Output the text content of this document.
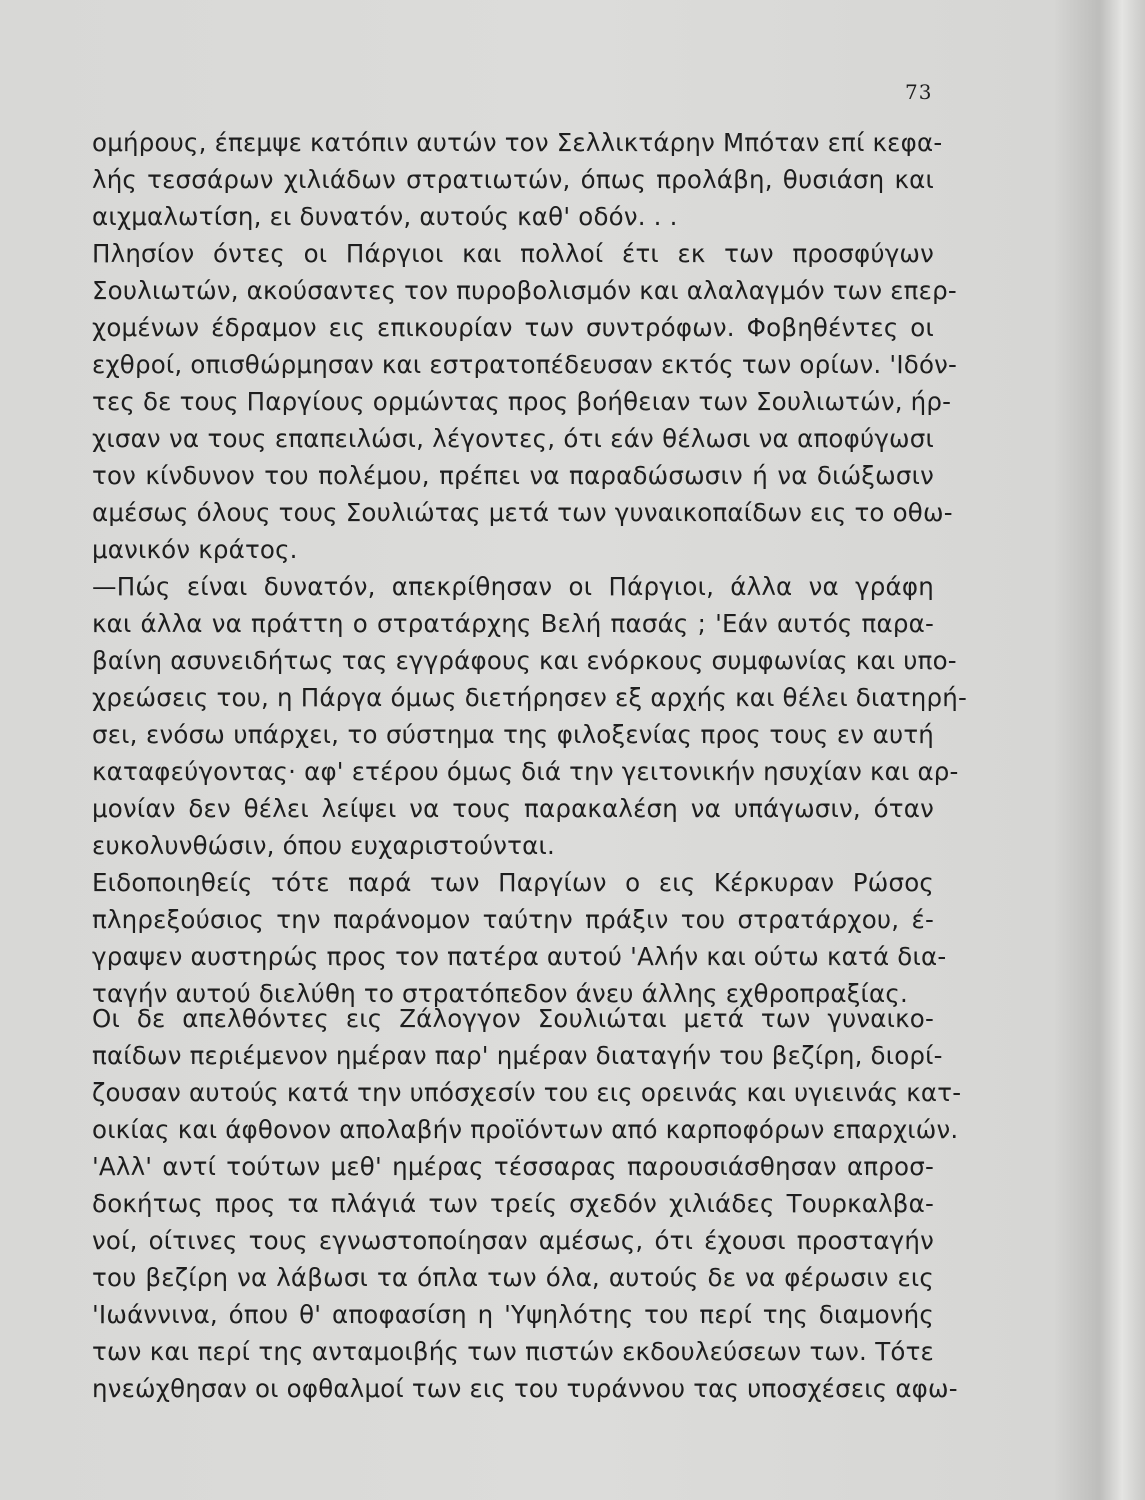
73

ομήρους, έπεμψε κατόπιν αυτών τον Σελλικτάρην Μπόταν επί κεφα-

λής τεσσάρων χιλιάδων στρατιωτών, όπως προλάβη, θυσιάση και

αιχμαλωτίση, ει δυνατόν, αυτούς καθ' οδόν. . .

Πλησίον όντες οι Πάργιοι και πολλοί έτι εκ των προσφύγων

Σουλιωτών, ακούσαντες τον πυροβολισμόν και αλαλαγμόν των επερ-

χομένων έδραμον εις επικουρίαν των συντρόφων. Φοβηθέντες οι

εχθροί, οπισθώρμησαν και εστρατοπέδευσαν εκτός των ορίων. 'Ιδόν-

τες δε τους Παργίους ορμώντας προς βοήθειαν των Σουλιωτών, ήρ-

χισαν να τους επαπειλώσι, λέγοντες, ότι εάν θέλωσι να αποφύγωσι

τον κίνδυνον του πολέμου, πρέπει να παραδώσωσιν ή να διώξωσιν

αμέσως όλους τους Σουλιώτας μετά των γυναικοπαίδων εις το οθω-

μανικόν κράτος.

—Πώς είναι δυνατόν, απεκρίθησαν οι Πάργιοι, άλλα να γράφη

και άλλα να πράττη ο στρατάρχης Βελή πασάς ; 'Εάν αυτός παρα-

βαίνη ασυνειδήτως τας εγγράφους και ενόρκους συμφωνίας και υπο-

χρεώσεις του, η Πάργα όμως διετήρησεν εξ αρχής και θέλει διατηρή-

σει, ενόσω υπάρχει, το σύστημα της φιλοξενίας προς τους εν αυτή

καταφεύγοντας· αφ' ετέρου όμως διά την γειτονικήν ησυχίαν και αρ-

μονίαν δεν θέλει λείψει να τους παρακαλέση να υπάγωσιν, όταν

ευκολυνθώσιν, όπου ευχαριστούνται.

Ειδοποιηθείς τότε παρά των Παργίων ο εις Κέρκυραν Ρώσος

πληρεξούσιος την παράνομον ταύτην πράξιν του στρατάρχου, έ-

γραψεν αυστηρώς προς τον πατέρα αυτού 'Αλήν και ούτω κατά δια-

ταγήν αυτού διελύθη το στρατόπεδον άνευ άλλης εχθροπραξίας.

Οι δε απελθόντες εις Ζάλογγον Σουλιώται μετά των γυναικο-

παίδων περιέμενον ημέραν παρ' ημέραν διαταγήν του βεζίρη, διορί-

ζουσαν αυτούς κατά την υπόσχεσίν του εις ορεινάς και υγιεινάς κατ-

οικίας και άφθονον απολαβήν προϊόντων από καρποφόρων επαρχιών.

'Αλλ' αντί τούτων μεθ' ημέρας τέσσαρας παρουσιάσθησαν απροσ-

δοκήτως προς τα πλάγιά των τρείς σχεδόν χιλιάδες Τουρκαλβα-

νοί, οίτινες τους εγνωστοποίησαν αμέσως, ότι έχουσι προσταγήν

του βεζίρη να λάβωσι τα όπλα των όλα, αυτούς δε να φέρωσιν εις

'Ιωάννινα, όπου θ' αποφασίση η 'Υψηλότης του περί της διαμονής

των και περί της ανταμοιβής των πιστών εκδουλεύσεων των. Τότε

ηνεώχθησαν οι οφθαλμοί των εις του τυράννου τας υποσχέσεις αφω-
